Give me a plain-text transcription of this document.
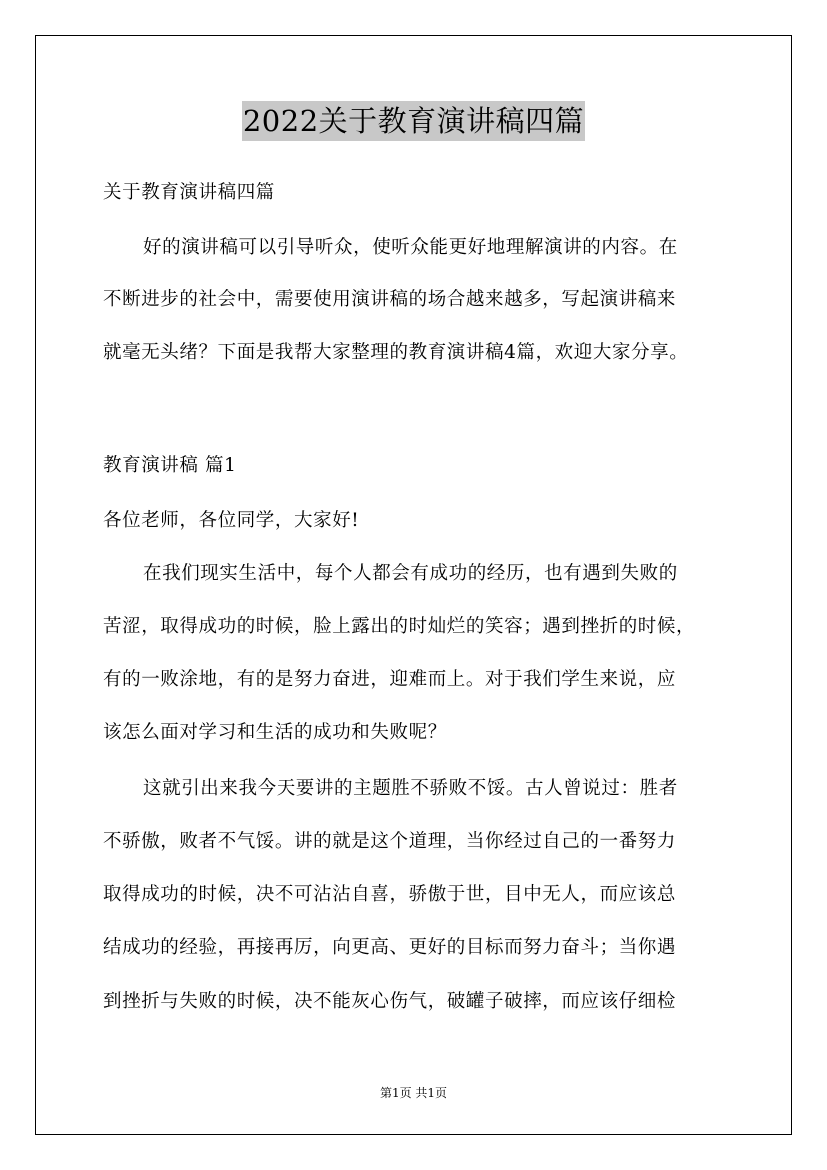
2022关于教育演讲稿四篇
关于教育演讲稿四篇
好的演讲稿可以引导听众，使听众能更好地理解演讲的内容。在
不断进步的社会中，需要使用演讲稿的场合越来越多，写起演讲稿来
就毫无头绪？下面是我帮大家整理的教育演讲稿4篇，欢迎大家分享。
教育演讲稿 篇1
各位老师，各位同学，大家好!
在我们现实生活中，每个人都会有成功的经历，也有遇到失败的
苦涩，取得成功的时候，脸上露出的时灿烂的笑容；遇到挫折的时候，
有的一败涂地，有的是努力奋进，迎难而上。对于我们学生来说，应
该怎么面对学习和生活的成功和失败呢？
这就引出来我今天要讲的主题胜不骄败不馁。古人曾说过：胜者
不骄傲，败者不气馁。讲的就是这个道理，当你经过自己的一番努力
取得成功的时候，决不可沾沾自喜，骄傲于世，目中无人，而应该总
结成功的经验，再接再厉，向更高、更好的目标而努力奋斗；当你遇
到挫折与失败的时候，决不能灰心伤气，破罐子破摔，而应该仔细检
第1页 共1页
